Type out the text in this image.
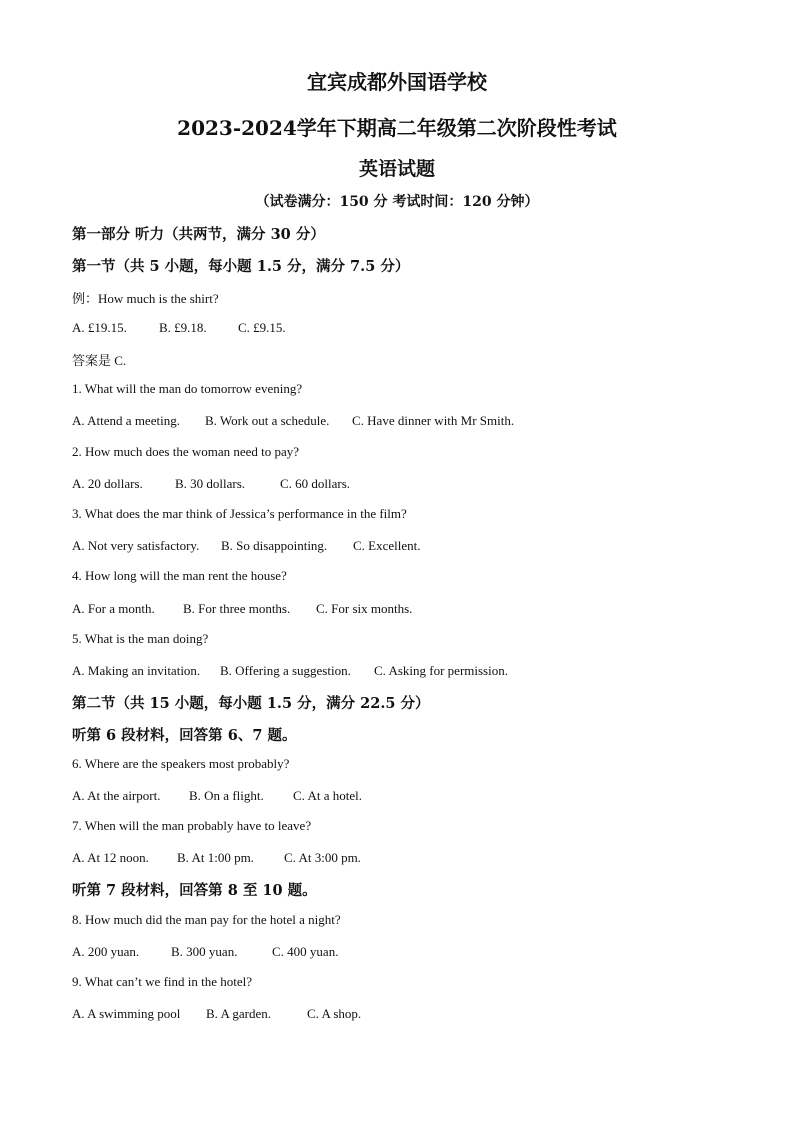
宜宾成都外国语学校
2023-2024学年下期高二年级第二次阶段性考试
英语试题
（试卷满分：150 分 考试时间：120 分钟）
第一部分 听力（共两节，满分 30 分）
第一节（共 5 小题，每小题 1.5 分，满分 7.5 分）
例：How much is the shirt?
A. £19.15. B. £9.18. C. £9.15.
答案是 C.
1. What will the man do tomorrow evening?
A. Attend a meeting. B. Work out a schedule. C. Have dinner with Mr Smith.
2. How much does the woman need to pay?
A. 20 dollars. B. 30 dollars.	C. 60 dollars.
3. What does the mar think of Jessica’s performance in the film?
A. Not very satisfactory. B. So disappointing. C. Excellent.
4. How long will the man rent the house?
A. For a month. B. For three months. C. For six months.
5. What is the man doing?
A. Making an invitation. B. Offering a suggestion. C. Asking for permission.
第二节（共 15 小题，每小题 1.5 分，满分 22.5 分）
听第 6 段材料，回答第 6、7 题。
6. Where are the speakers most probably?
A. At the airport. B. On a flight. C. At a hotel.
7. When will the man probably have to leave?
A. At 12 noon. B. At 1:00 pm. C. At 3:00 pm.
听第 7 段材料，回答第 8 至 10 题。
8. How much did the man pay for the hotel a night?
A. 200 yuan. B. 300 yuan.	C. 400 yuan.
9. What can’t we find in the hotel?
A. A swimming pool B. A garden.	C. A shop.
